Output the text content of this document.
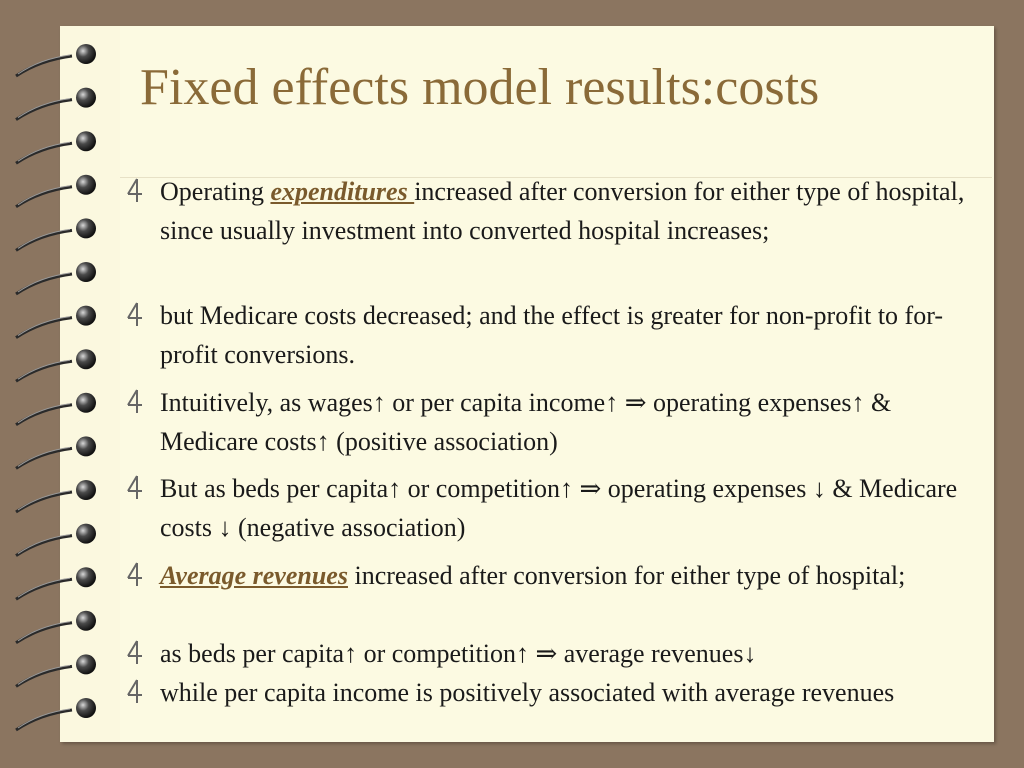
Fixed effects model results:costs
Operating expenditures increased after conversion for either type of hospital, since usually investment into converted hospital increases;
but Medicare costs decreased; and the effect is greater for non-profit to for-profit conversions.
Intuitively, as wages↑ or per capita income↑ ⇒ operating expenses↑ & Medicare costs↑ (positive association)
But as beds per capita↑ or competition↑ ⇒ operating expenses ↓ & Medicare costs ↓ (negative association)
Average revenues increased after conversion for either type of hospital;
as beds per capita↑ or competition↑ ⇒ average revenues↓
while per capita income is positively associated with average revenues
